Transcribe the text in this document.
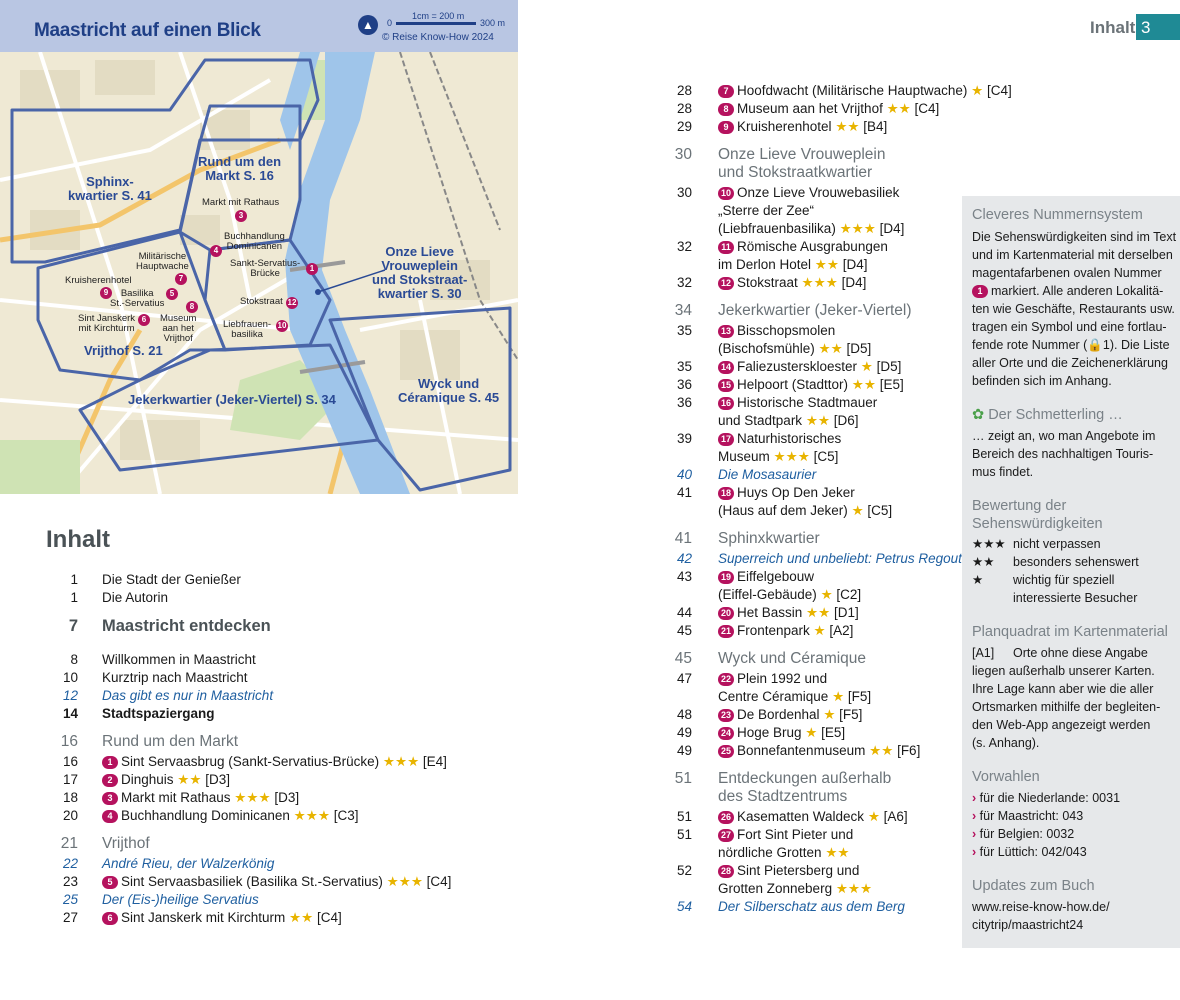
Inhalt 3
Maastricht auf einen Blick	▲	0
1cm = 200 m
300 m
© Reise Know-How 2024
Rund um den
Markt S. 16
Sphinx-
kwartier S. 41
Onze Lieve
Vrouweplein
und Stokstraat-
kwartier S. 30
Vrijthof S. 21
Jekerkwartier (Jeker-Viertel) S. 34
Wyck und
Céramique S. 45
Markt mit Rathaus
3
Buchhandlung
Dominicanen
4
Sankt-Servatius-
Brücke	1
Militärische
Hauptwache
7
Kruisherenhotel
9	Basilika
St.-Servatius
5
Museum
aan het
Vrijthof
8
Sint Janskerk
mit Kirchturm
6
Stokstraat 12
Liebfrauen-
basilika
10
Inhalt
1 Die Stadt der Genießer
1 Die Autorin
7 Maastricht entdecken
8 Willkommen in Maastricht
10 Kurztrip nach Maastricht
12 Das gibt es nur in Maastricht
14 Stadtspaziergang
16 Rund um den Markt
16	1 Sint Servaasbrug (Sankt-Servatius-Brücke) ★★★ [E4]
17	2 Dinghuis ★★ [D3]
18	3 Markt mit Rathaus ★★★ [D3]
20	4 Buchhandlung Dominicanen ★★★ [C3]
21 Vrijthof
22 André Rieu, der Walzerkönig
23	5 Sint Servaasbasiliek (Basilika St.-Servatius) ★★★ [C4]
25 Der (Eis-)heilige Servatius
27	6 Sint Janskerk mit Kirchturm ★★ [C4]
28	7 Hoofdwacht (Militärische Hauptwache) ★ [C4]
28	8 Museum aan het Vrijthof ★★ [C4]
29	9 Kruisherenhotel ★★ [B4]
30 Onze Lieve Vrouweplein
und Stokstraatkwartier
30	10 Onze Lieve Vrouwebasiliek
„Sterre der Zee“
(Liebfrauenbasilika) ★★★ [D4]
32	11 Römische Ausgrabungen
im Derlon Hotel ★★ [D4]
32	12 Stokstraat ★★★ [D4]
34 Jekerkwartier (Jeker-Viertel)
35	13 Bisschopsmolen
(Bischofsmühle) ★★ [D5]
35	14 Faliezusterskloester ★ [D5]
36	15 Helpoort (Stadttor) ★★ [E5]
36	16 Historische Stadtmauer
und Stadtpark ★★ [D6]
39	17 Naturhistorisches
Museum ★★★ [C5]
40 Die Mosasaurier
41	18 Huys Op Den Jeker
(Haus auf dem Jeker) ★ [C5]
41 Sphinxkwartier
42 Superreich und unbeliebt: Petrus Regout
43	19 Eiffelgebouw
(Eiffel-Gebäude) ★ [C2]
44	20 Het Bassin ★★ [D1]
45	21 Frontenpark ★ [A2]
45 Wyck und Céramique
47	22 Plein 1992 und
Centre Céramique ★ [F5]
48	23 De Bordenhal ★ [F5]
49	24 Hoge Brug ★ [E5]
49	25 Bonnefantenmuseum ★★ [F6]
51 Entdeckungen außerhalb
des Stadtzentrums
51	26 Kasematten Waldeck ★ [A6]
51	27 Fort Sint Pieter und
nördliche Grotten ★★
52	28 Sint Pietersberg und
Grotten Zonneberg ★★★
54 Der Silberschatz aus dem Berg
Cleveres Nummernsystem
Die Sehenswürdigkeiten sind im Text
und im Kartenmaterial mit derselben
magentafarbenen ovalen Nummer
1 markiert. Alle anderen Lokalitä-
ten wie Geschäfte, Restaurants usw.
tragen ein Symbol und eine fortlau-
fende rote Nummer (🔒1). Die Liste
aller Orte und die Zeichenerklärung
befinden sich im Anhang.
✿ Der Schmetterling …
… zeigt an, wo man Angebote im
Bereich des nachhaltigen Touris-
mus findet.
Bewertung der
Sehenswürdigkeiten
★★★ nicht verpassen
★★ besonders sehenswert
★ wichtig für speziell
interessierte Besucher
Planquadrat im Kartenmaterial
[A1] Orte ohne diese Angabe
liegen außerhalb unserer Karten.
Ihre Lage kann aber wie die aller
Ortsmarken mithilfe der begleiten-
den Web-App angezeigt werden
(s. Anhang).
Vorwahlen
› für die Niederlande: 0031
› für Maastricht: 043
› für Belgien: 0032
› für Lüttich: 042/043
Updates zum Buch
www.reise-know-how.de/
citytrip/maastricht24
